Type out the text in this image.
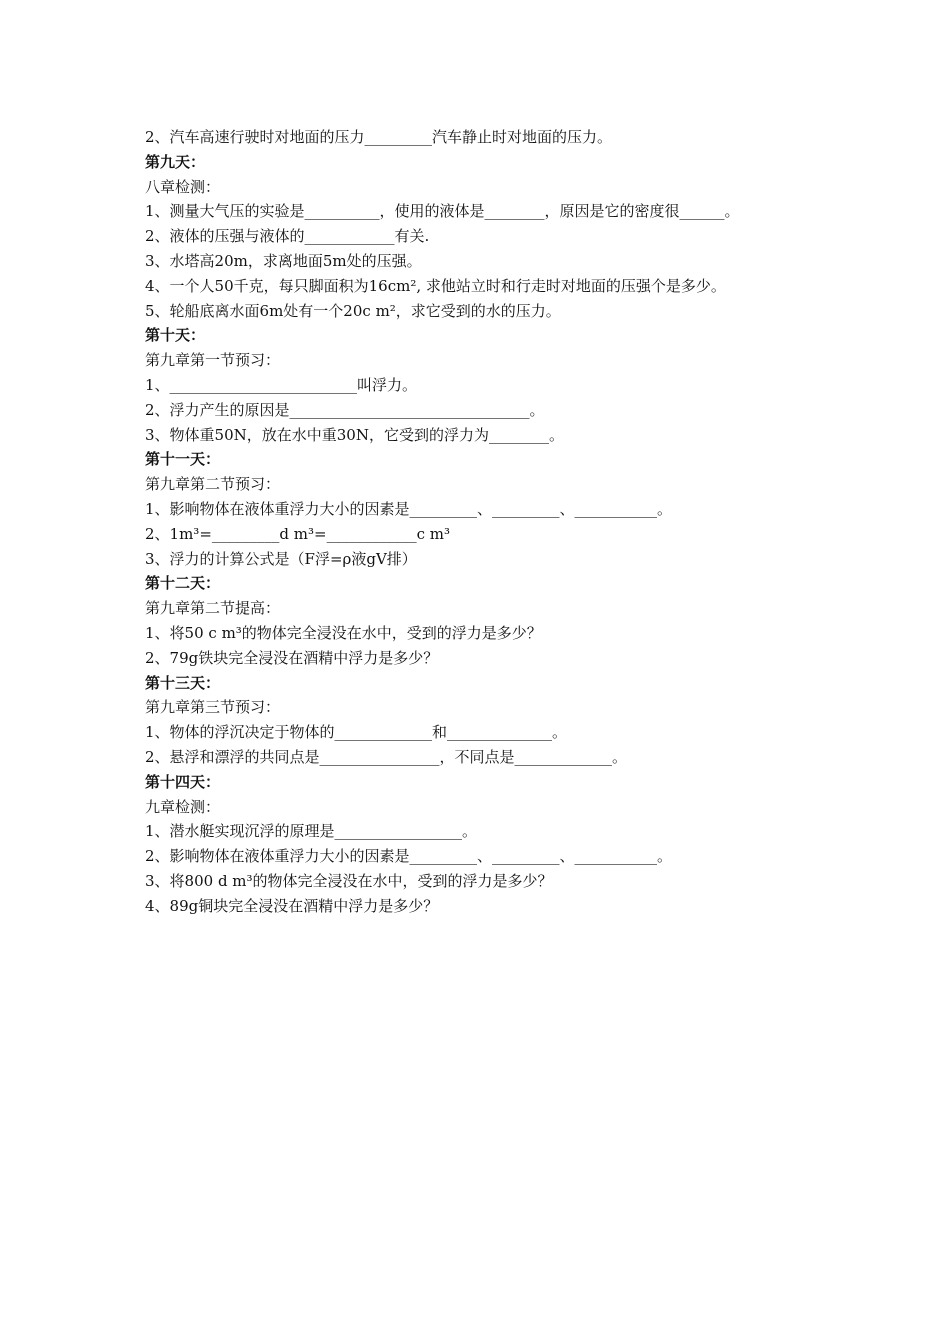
2、汽车高速行驶时对地面的压力_________汽车静止时对地面的压力。
第九天：
八章检测：
1、测量大气压的实验是__________，使用的液体是________，原因是它的密度很______。
2、液体的压强与液体的____________有关.
3、水塔高20m，求离地面5m处的压强。
4、一个人50千克，每只脚面积为16cm², 求他站立时和行走时对地面的压强个是多少。
5、轮船底离水面6m处有一个20c m²，求它受到的水的压力。
第十天：
第九章第一节预习：
1、_________________________叫浮力。
2、浮力产生的原因是________________________________。
3、物体重50N，放在水中重30N，它受到的浮力为________。
第十一天：
第九章第二节预习：
1、影响物体在液体重浮力大小的因素是_________、_________、___________。
2、1m³=_________d m³=____________c m³
3、浮力的计算公式是（F浮=ρ液gV排）
第十二天：
第九章第二节提高：
1、将50 c m³的物体完全浸没在水中，受到的浮力是多少？
2、79g铁块完全浸没在酒精中浮力是多少？
第十三天：
第九章第三节预习：
1、物体的浮沉决定于物体的_____________和______________。
2、悬浮和漂浮的共同点是________________，不同点是_____________。
第十四天：
九章检测：
1、潜水艇实现沉浮的原理是_________________。
2、影响物体在液体重浮力大小的因素是_________、_________、___________。
3、将800 d m³的物体完全浸没在水中，受到的浮力是多少？
4、89g铜块完全浸没在酒精中浮力是多少？
